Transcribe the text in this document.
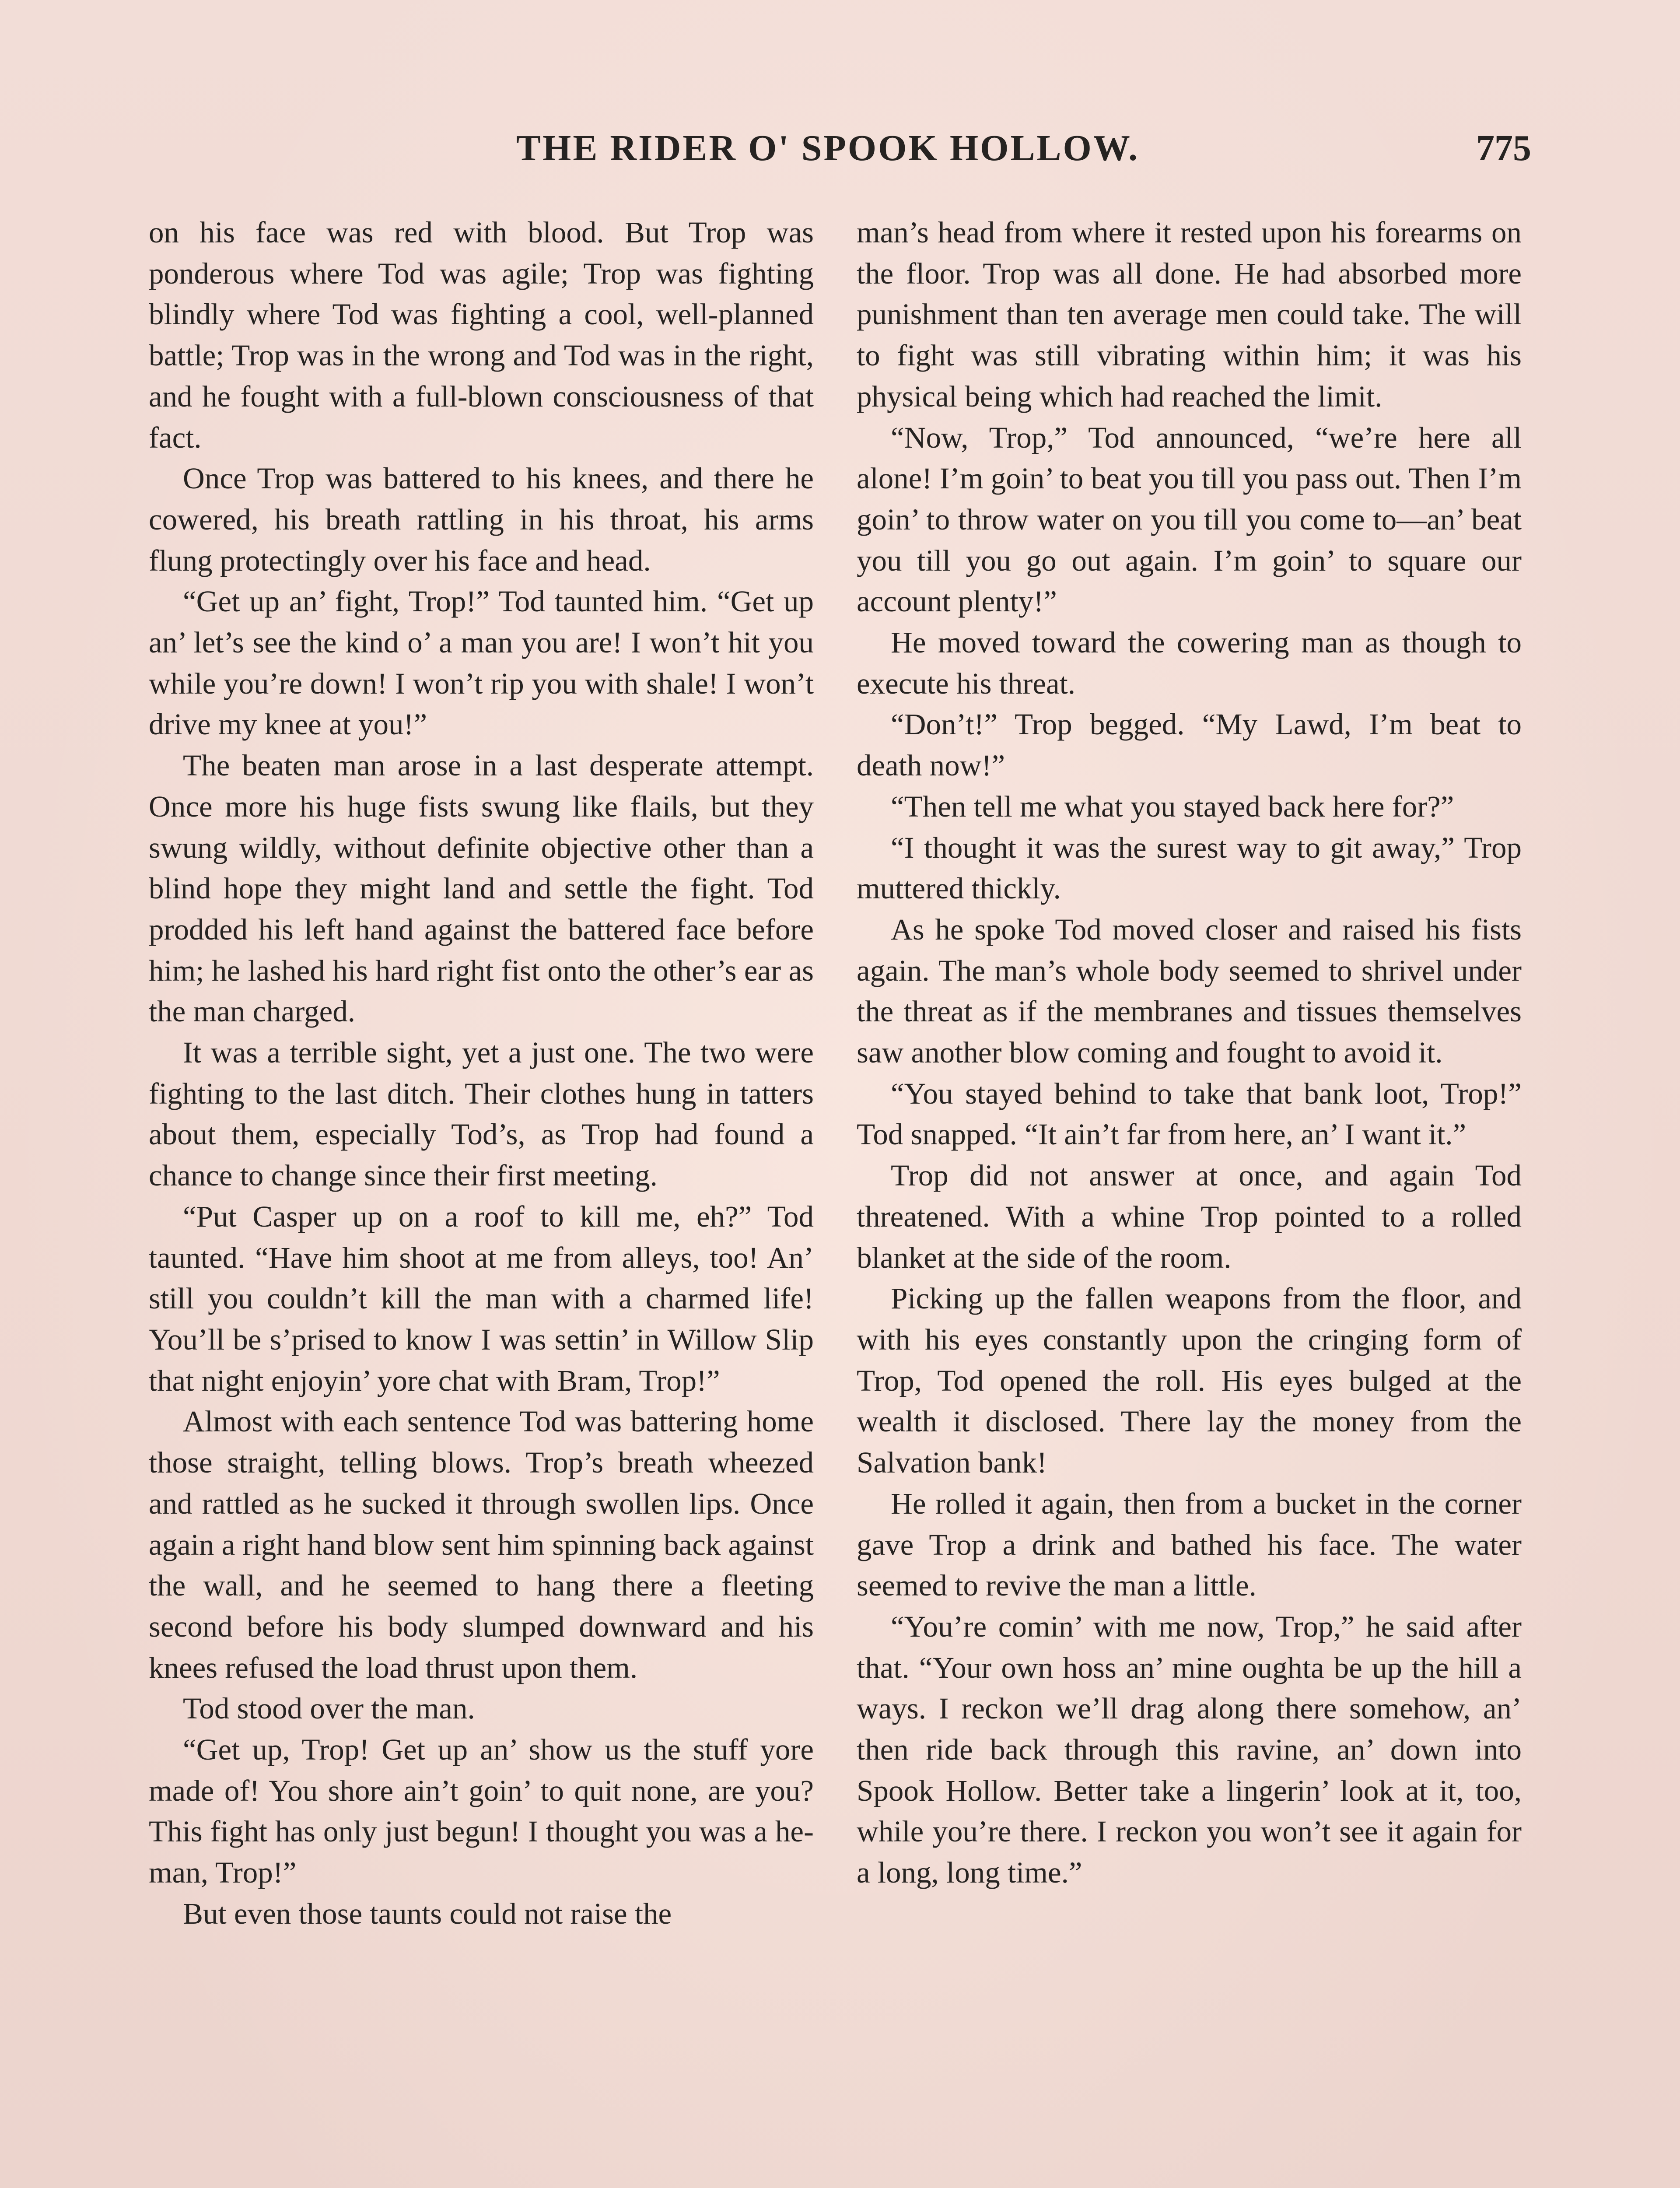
THE RIDER O' SPOOK HOLLOW.	775

on his face was red with blood. But Trop was ponderous where Tod was agile; Trop was fighting blindly where Tod was fighting a cool, well-planned battle; Trop was in the wrong and Tod was in the right, and he fought with a full-blown consciousness of that fact.

Once Trop was battered to his knees, and there he cowered, his breath rattling in his throat, his arms flung protectingly over his face and head.

“Get up an’ fight, Trop!” Tod taunted him. “Get up an’ let’s see the kind o’ a man you are! I won’t hit you while you’re down! I won’t rip you with shale! I won’t drive my knee at you!”

The beaten man arose in a last desperate attempt. Once more his huge fists swung like flails, but they swung wildly, without definite objective other than a blind hope they might land and settle the fight. Tod prodded his left hand against the battered face before him; he lashed his hard right fist onto the other’s ear as the man charged.

It was a terrible sight, yet a just one. The two were fighting to the last ditch. Their clothes hung in tatters about them, especially Tod’s, as Trop had found a chance to change since their first meeting.

“Put Casper up on a roof to kill me, eh?” Tod taunted. “Have him shoot at me from alleys, too! An’ still you couldn’t kill the man with a charmed life! You’ll be s’prised to know I was settin’ in Willow Slip that night enjoyin’ yore chat with Bram, Trop!”

Almost with each sentence Tod was battering home those straight, telling blows. Trop’s breath wheezed and rattled as he sucked it through swollen lips. Once again a right hand blow sent him spinning back against the wall, and he seemed to hang there a fleeting second before his body slumped downward and his knees refused the load thrust upon them.

Tod stood over the man.

“Get up, Trop! Get up an’ show us the stuff yore made of! You shore ain’t goin’ to quit none, are you? This fight has only just begun! I thought you was a he-man, Trop!”

But even those taunts could not raise the

man’s head from where it rested upon his forearms on the floor. Trop was all done. He had absorbed more punishment than ten average men could take. The will to fight was still vibrating within him; it was his physical being which had reached the limit.

“Now, Trop,” Tod announced, “we’re here all alone! I’m goin’ to beat you till you pass out. Then I’m goin’ to throw water on you till you come to—an’ beat you till you go out again. I’m goin’ to square our account plenty!”

He moved toward the cowering man as though to execute his threat.

“Don’t!” Trop begged. “My Lawd, I’m beat to death now!”

“Then tell me what you stayed back here for?”

“I thought it was the surest way to git away,” Trop muttered thickly.

As he spoke Tod moved closer and raised his fists again. The man’s whole body seemed to shrivel under the threat as if the membranes and tissues themselves saw another blow coming and fought to avoid it.

“You stayed behind to take that bank loot, Trop!” Tod snapped. “It ain’t far from here, an’ I want it.”

Trop did not answer at once, and again Tod threatened. With a whine Trop pointed to a rolled blanket at the side of the room.

Picking up the fallen weapons from the floor, and with his eyes constantly upon the cringing form of Trop, Tod opened the roll. His eyes bulged at the wealth it disclosed. There lay the money from the Salvation bank!

He rolled it again, then from a bucket in the corner gave Trop a drink and bathed his face. The water seemed to revive the man a little.

“You’re comin’ with me now, Trop,” he said after that. “Your own hoss an’ mine oughta be up the hill a ways. I reckon we’ll drag along there somehow, an’ then ride back through this ravine, an’ down into Spook Hollow. Better take a lingerin’ look at it, too, while you’re there. I reckon you won’t see it again for a long, long time.”
